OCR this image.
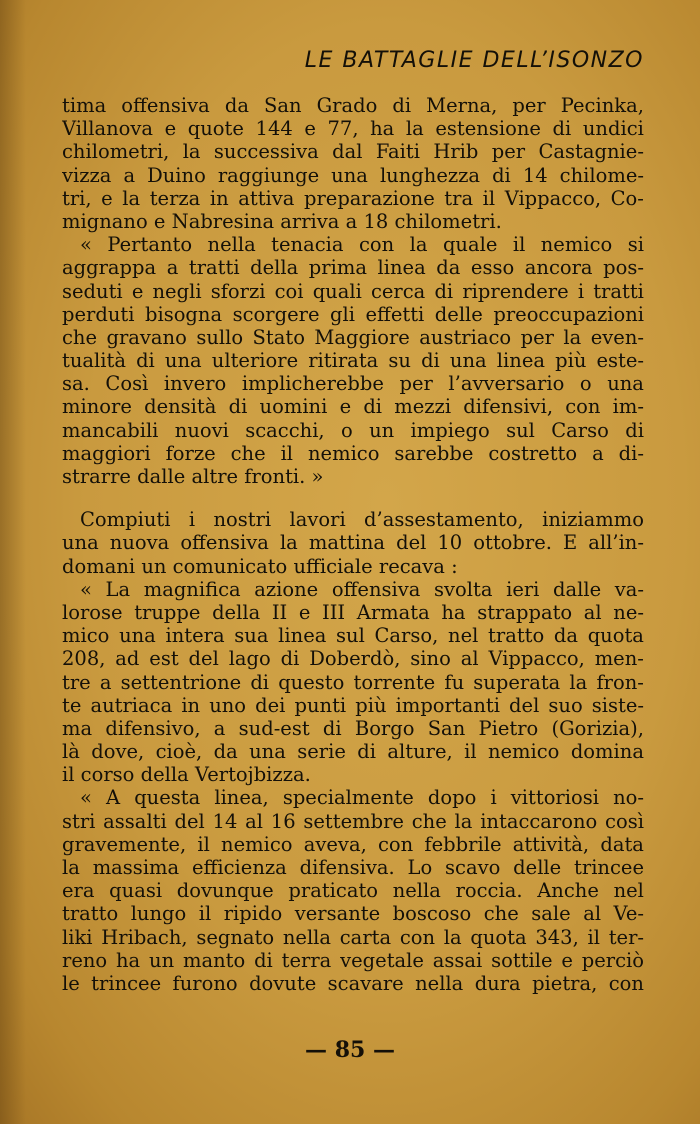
LE BATTAGLIE DELL’ISONZO
tima offensiva da San Grado di Merna, per Pecinka,
Villanova e quote 144 e 77, ha la estensione di undici
chilometri, la successiva dal Faiti Hrib per Castagnie-
vizza a Duino raggiunge una lunghezza di 14 chilome-
tri, e la terza in attiva preparazione tra il Vippacco, Co-
mignano e Nabresina arriva a 18 chilometri.
« Pertanto nella tenacia con la quale il nemico si
aggrappa a tratti della prima linea da esso ancora pos-
seduti e negli sforzi coi quali cerca di riprendere i tratti
perduti bisogna scorgere gli effetti delle preoccupazioni
che gravano sullo Stato Maggiore austriaco per la even-
tualità di una ulteriore ritirata su di una linea più este-
sa. Così invero implicherebbe per l’avversario o una
minore densità di uomini e di mezzi difensivi, con im-
mancabili nuovi scacchi, o un impiego sul Carso di
maggiori forze che il nemico sarebbe costretto a di-
strarre dalle altre fronti. »
Compiuti i nostri lavori d’assestamento, iniziammo
una nuova offensiva la mattina del 10 ottobre. E all’in-
domani un comunicato ufficiale recava :
« La magnifica azione offensiva svolta ieri dalle va-
lorose truppe della II e III Armata ha strappato al ne-
mico una intera sua linea sul Carso, nel tratto da quota
208, ad est del lago di Doberdò, sino al Vippacco, men-
tre a settentrione di questo torrente fu superata la fron-
te autriaca in uno dei punti più importanti del suo siste-
ma difensivo, a sud-est di Borgo San Pietro (Gorizia),
là dove, cioè, da una serie di alture, il nemico domina
il corso della Vertojbizza.
« A questa linea, specialmente dopo i vittoriosi no-
stri assalti del 14 al 16 settembre che la intaccarono così
gravemente, il nemico aveva, con febbrile attività, data
la massima efficienza difensiva. Lo scavo delle trincee
era quasi dovunque praticato nella roccia. Anche nel
tratto lungo il ripido versante boscoso che sale al Ve-
liki Hribach, segnato nella carta con la quota 343, il ter-
reno ha un manto di terra vegetale assai sottile e perciò
le trincee furono dovute scavare nella dura pietra, con
— 85 —
